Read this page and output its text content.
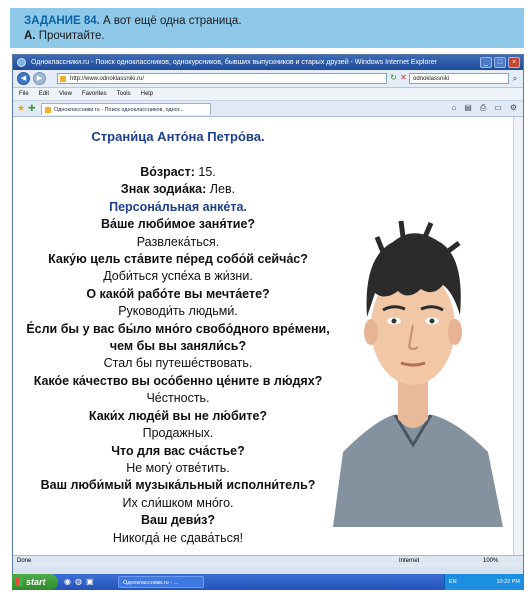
ЗАДАНИЕ 84. А вот ещё одна страница.
А. Прочитайте.
Одноклассники.ru - Поиск одноклассников, однокурсников, бывших выпускников и старых друзей - Windows Internet Explorer	_	□	×
◀	▶	http://www.odnoklassniki.ru/	↻ ✕	odnoklassniki	⌕
File Edit View Favorites Tools Help
★ ✚	Одноклассники.ru - Поиск одноклассников, одног...	⌂ ▤ ⎙ ▭ ⚙
Страни́ца Анто́на Петро́ва.
Во́зраст: 15.
Знак зодиа́ка: Лев.
Персона́льная анке́та.
Ва́ше люби́мое заня́тие?
Развлека́ться.
Каку́ю цель ста́вите пе́ред собо́й сейча́с?
Доби́ться успе́ха в жи́зни.
О како́й рабо́те вы мечта́ете?
Руководи́ть людьми́.
Е́сли бы у вас бы́ло мно́го свобо́дного вре́мени,
чем бы вы заняли́сь?
Стал бы путеше́ствовать.
Како́е ка́чество вы осо́бенно це́ните в лю́дях?
Че́стность.
Каки́х люде́й вы не лю́бите?
Продажных.
Что для вас сча́стье?
Не могу́ отве́тить.
Ваш люби́мый музыка́льный исполни́тель?
Их сли́шком мно́го.
Ваш деви́з?
Никогда́ не сдава́ться!
Done	Internet	100%
start	◉ ◍ ▣	Одноклассники.ru - ...	EN	10:22 PM
